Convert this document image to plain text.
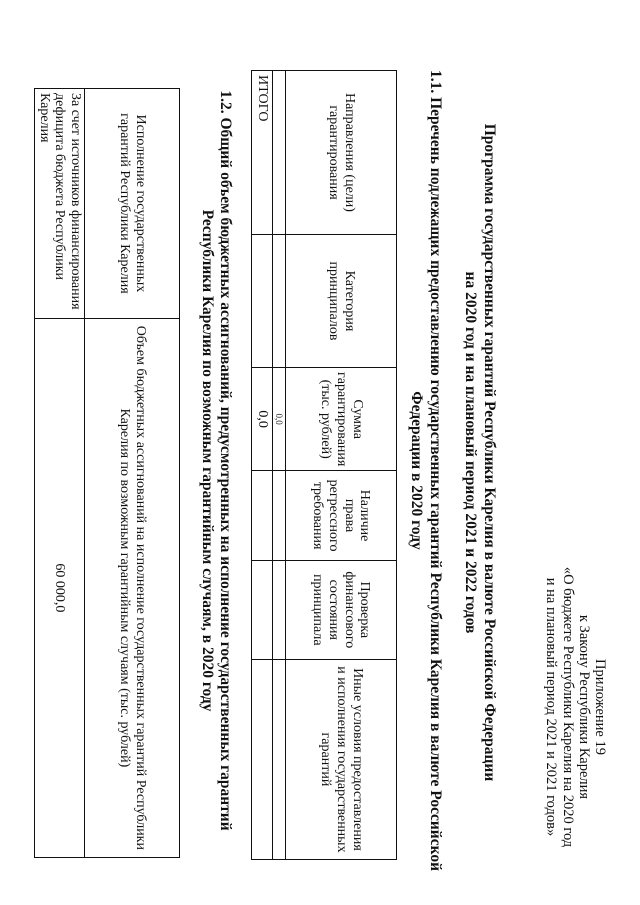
Приложение 19
к Закону Республики Карелия
«О бюджете Республики Карелия на 2020 год
и на плановый период 2021 и 2021 годов»
Программа государственных гарантий Республики Карелия в валюте Российской Федерации
на 2020 год и на плановый период 2021 и 2022 годов
1.1. Перечень подлежащих предоставлению государственных гарантий Республики Карелия в валюте Российской
Федерации в 2020 году
Направления (цели) гарантирования	Категория принципалов	Сумма гарантирования (тыс. рублей)	Наличие права регрессного требования	Проверка финансового состояния принципала	Иные условия предоставления и исполнения государственных гарантий
		0,0			
ИТОГО		0,0			
1.2. Общий объем бюджетных ассигнований, предусмотренных на исполнение государственных гарантий
Республики Карелия по возможным гарантийным случаям, в 2020 году
Исполнение государственных гарантий Республики Карелия	Объем бюджетных ассигнований на исполнение государственных гарантий Республики Карелия по возможным гарантийным случаям (тыс. рублей)
За счет источников финансирования дефицита бюджета Республики Карелия	60 000,0
